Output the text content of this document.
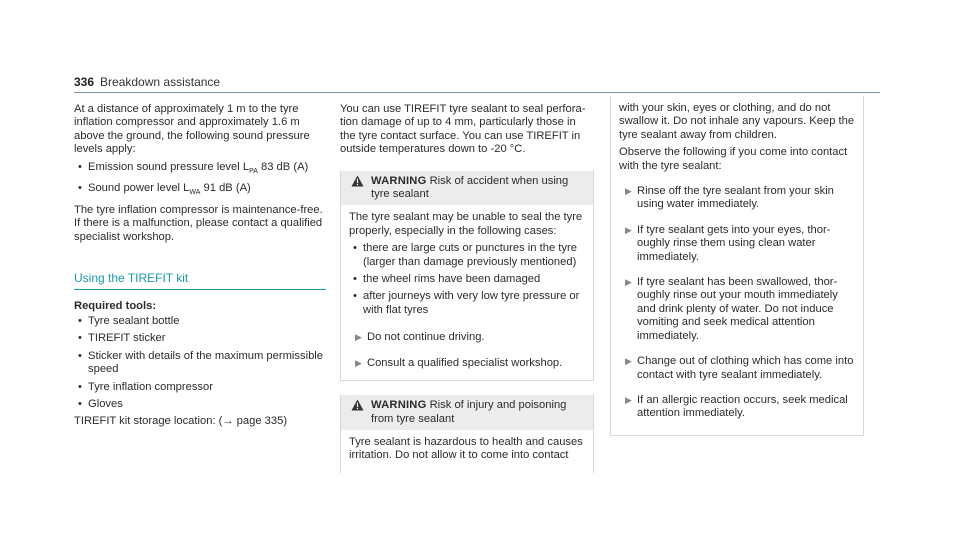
336 Breakdown assistance

At a distance of approximately 1 m to the tyre inflation compressor and approximately 1.6 m above the ground, the following sound pressure levels apply:

• Emission sound pressure level $L_{PA}$ 83 dB (A)
• Sound power level $L_{WA}$ 91 dB (A)

The tyre inflation compressor is maintenance-free. If there is a malfunction, please contact a qualified specialist workshop.

Using the TIREFIT kit
Required tools:
• Tyre sealant bottle
• TIREFIT sticker
• Sticker with details of the maximum permissible speed
• Tyre inflation compressor
• Gloves

TIREFIT kit storage location: (→ page 335)

You can use TIREFIT tyre sealant to seal perforation damage of up to 4 mm, particularly those in the tyre contact surface. You can use TIREFIT in outside temperatures down to -20 °C.

WARNING Risk of accident when using tyre sealant

The tyre sealant may be unable to seal the tyre properly, especially in the following cases:

• there are large cuts or punctures in the tyre (larger than damage previously mentioned)
• the wheel rims have been damaged
• after journeys with very low tyre pressure or with flat tyres
▶ Do not continue driving.
▶ Consult a qualified specialist workshop.
WARNING Risk of injury and poisoning from tyre sealant

Tyre sealant is hazardous to health and causes irritation. Do not allow it to come into contact

with your skin, eyes or clothing, and do not swallow it. Do not inhale any vapours. Keep the tyre sealant away from children.

Observe the following if you come into contact with the tyre sealant:

▶ Rinse off the tyre sealant from your skin using water immediately.
▶ If tyre sealant gets into your eyes, thoroughly rinse them using clean water immediately.
▶ If tyre sealant has been swallowed, thoroughly rinse out your mouth immediately and drink plenty of water. Do not induce vomiting and seek medical attention immediately.
▶ Change out of clothing which has come into contact with tyre sealant immediately.
▶ If an allergic reaction occurs, seek medical attention immediately.
